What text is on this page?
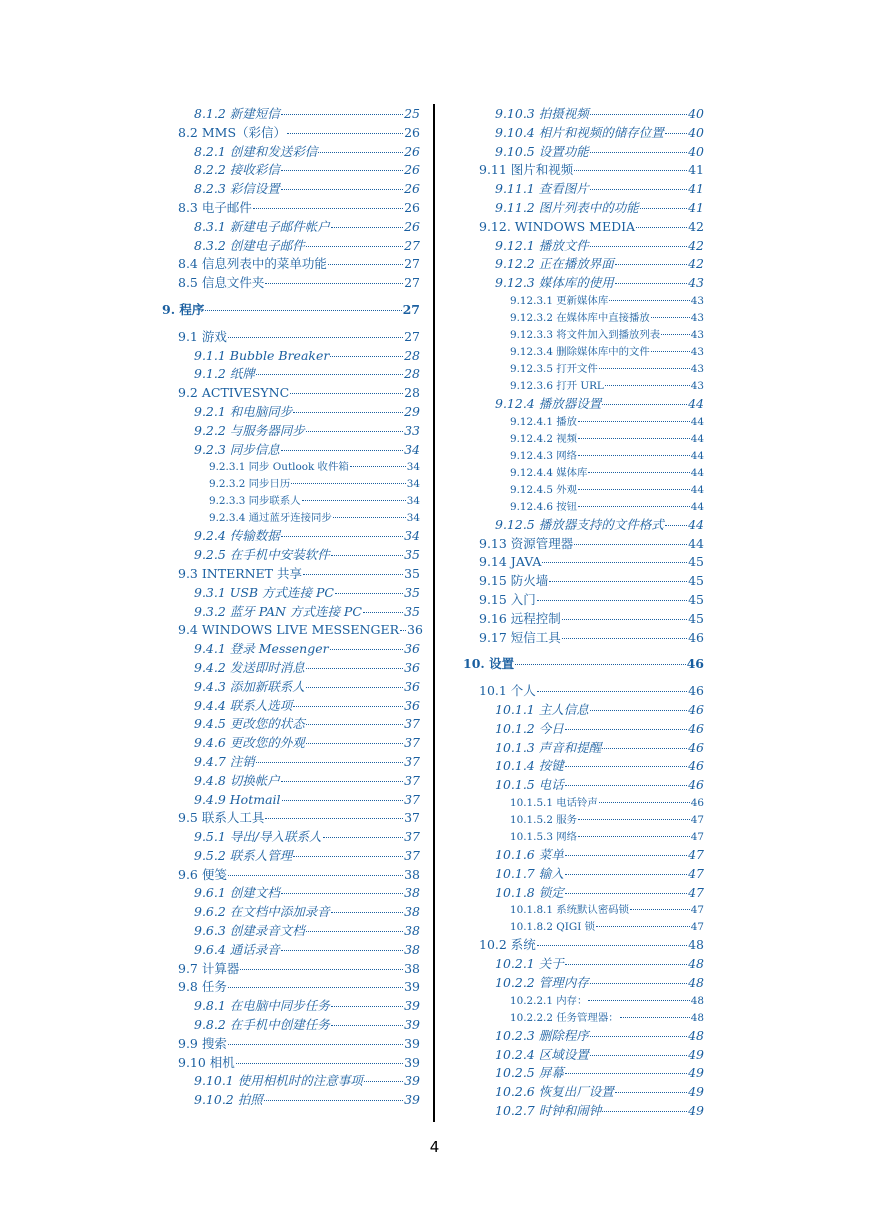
8.1.2 新建短信	25
8.2 MMS（彩信）	26
8.2.1 创建和发送彩信	26
8.2.2 接收彩信	26
8.2.3 彩信设置	26
8.3 电子邮件	26
8.3.1 新建电子邮件帐户	26
8.3.2 创建电子邮件	27
8.4 信息列表中的菜单功能	27
8.5 信息文件夹	27
9. 程序	27
9.1 游戏	27
9.1.1 Bubble Breaker	28
9.1.2 纸牌	28
9.2 ACTIVESYNC	28
9.2.1 和电脑同步	29
9.2.2 与服务器同步	33
9.2.3 同步信息	34
9.2.3.1 同步 Outlook 收件箱	34
9.2.3.2 同步日历	34
9.2.3.3 同步联系人	34
9.2.3.4 通过蓝牙连接同步	34
9.2.4 传输数据	34
9.2.5 在手机中安装软件	35
9.3 INTERNET 共享	35
9.3.1 USB 方式连接 PC	35
9.3.2 蓝牙 PAN 方式连接 PC	35
9.4 WINDOWS LIVE MESSENGER 36
9.4.1 登录 Messenger	36
9.4.2 发送即时消息	36
9.4.3 添加新联系人	36
9.4.4 联系人选项	36
9.4.5 更改您的状态	37
9.4.6 更改您的外观	37
9.4.7 注销	37
9.4.8 切换帐户	37
9.4.9 Hotmail	37
9.5 联系人工具	37
9.5.1 导出/导入联系人	37
9.5.2 联系人管理	37
9.6 便笺	38
9.6.1 创建文档	38
9.6.2 在文档中添加录音	38
9.6.3 创建录音文档	38
9.6.4 通话录音	38
9.7 计算器	38
9.8 任务	39
9.8.1 在电脑中同步任务	39
9.8.2 在手机中创建任务	39
9.9 搜索	39
9.10 相机	39
9.10.1 使用相机时的注意事项	39
9.10.2 拍照	39
9.10.3 拍摄视频	40
9.10.4 相片和视频的储存位置 40
9.10.5 设置功能	40
9.11 图片和视频	41
9.11.1 查看图片	41
9.11.2 图片列表中的功能	41
9.12. WINDOWS MEDIA	42
9.12.1 播放文件	42
9.12.2 正在播放界面	42
9.12.3 媒体库的使用	43
9.12.3.1 更新媒体库	43
9.12.3.2 在媒体库中直接播放	43
9.12.3.3 将文件加入到播放列表	43
9.12.3.4 删除媒体库中的文件	43
9.12.3.5 打开文件	43
9.12.3.6 打开 URL	43
9.12.4 播放器设置	44
9.12.4.1 播放	44
9.12.4.2 视频	44
9.12.4.3 网络	44
9.12.4.4 媒体库	44
9.12.4.5 外观	44
9.12.4.6 按钮	44
9.12.5 播放器支持的文件格式 44
9.13 资源管理器	44
9.14 JAVA	45
9.15 防火墙	45
9.15 入门	45
9.16 远程控制	45
9.17 短信工具	46
10. 设置	46
10.1 个人	46
10.1.1 主人信息	46
10.1.2 今日	46
10.1.3 声音和提醒	46
10.1.4 按键	46
10.1.5 电话	46
10.1.5.1 电话铃声	46
10.1.5.2 服务	47
10.1.5.3 网络	47
10.1.6 菜单	47
10.1.7 输入	47
10.1.8 锁定	47
10.1.8.1 系统默认密码锁	47
10.1.8.2 QIGI 锁	47
10.2 系统	48
10.2.1 关于	48
10.2.2 管理内存	48
10.2.2.1 内存：	48
10.2.2.2 任务管理器：	48
10.2.3 删除程序	48
10.2.4 区域设置	49
10.2.5 屏幕	49
10.2.6 恢复出厂设置	49
10.2.7 时钟和闹钟	49
4
